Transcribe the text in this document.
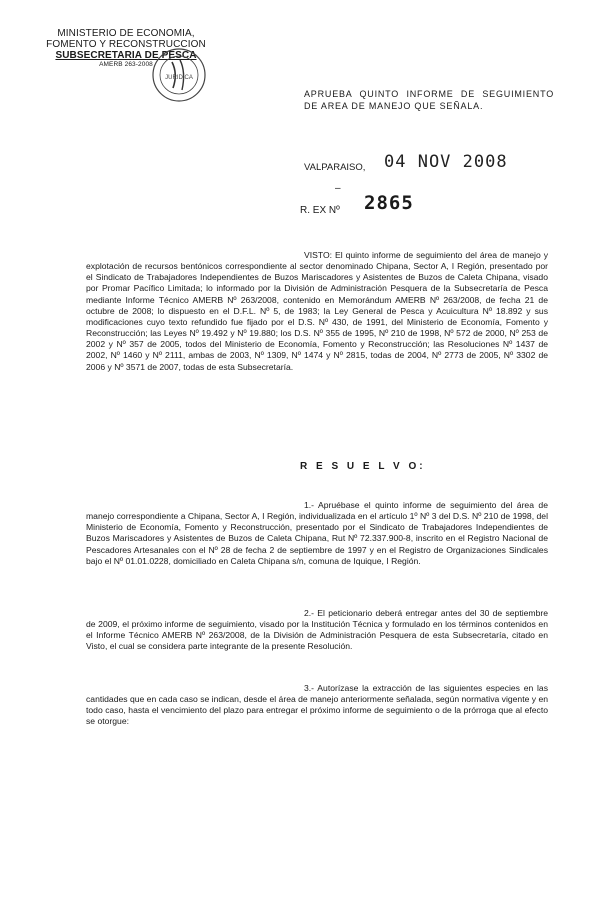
MINISTERIO DE ECONOMIA,
FOMENTO Y RECONSTRUCCION
SUBSECRETARIA DE PESCA
AMERB 263-2008
JURIDICA
APRUEBA QUINTO INFORME DE SEGUIMIENTO DE AREA DE MANEJO QUE SEÑALA.
VALPARAISO, 04 NOV 2008
–
R. EX Nº 2865

VISTO: El quinto informe de seguimiento del área de manejo y explotación de recursos bentónicos correspondiente al sector denominado Chipana, Sector A, I Región, presentado por el Sindicato de Trabajadores Independientes de Buzos Mariscadores y Asistentes de Buzos de Caleta Chipana, visado por Promar Pacífico Limitada; lo informado por la División de Administración Pesquera de la Subsecretaría de Pesca mediante Informe Técnico AMERB Nº 263/2008, contenido en Memorándum AMERB Nº 263/2008, de fecha 21 de octubre de 2008; lo dispuesto en el D.F.L. Nº 5, de 1983; la Ley General de Pesca y Acuicultura Nº 18.892 y sus modificaciones cuyo texto refundido fue fijado por el D.S. Nº 430, de 1991, del Ministerio de Economía, Fomento y Reconstrucción; las Leyes Nº 19.492 y Nº 19.880; los D.S. Nº 355 de 1995, Nº 210 de 1998, Nº 572 de 2000, Nº 253 de 2002 y Nº 357 de 2005, todos del Ministerio de Economía, Fomento y Reconstrucción; las Resoluciones Nº 1437 de 2002, Nº 1460 y Nº 2111, ambas de 2003, Nº 1309, Nº 1474 y Nº 2815, todas de 2004, Nº 2773 de 2005, Nº 3302 de 2006 y Nº 3571 de 2007, todas de esta Subsecretaría.

R E S U E L V O:

1.- Apruébase el quinto informe de seguimiento del área de manejo correspondiente a Chipana, Sector A, I Región, individualizada en el artículo 1º Nº 3 del D.S. Nº 210 de 1998, del Ministerio de Economía, Fomento y Reconstrucción, presentado por el Sindicato de Trabajadores Independientes de Buzos Mariscadores y Asistentes de Buzos de Caleta Chipana, Rut Nº 72.337.900-8, inscrito en el Registro Nacional de Pescadores Artesanales con el Nº 28 de fecha 2 de septiembre de 1997 y en el Registro de Organizaciones Sindicales bajo el Nº 01.01.0228, domiciliado en Caleta Chipana s/n, comuna de Iquique, I Región.

2.- El peticionario deberá entregar antes del 30 de septiembre de 2009, el próximo informe de seguimiento, visado por la Institución Técnica y formulado en los términos contenidos en el Informe Técnico AMERB Nº 263/2008, de la División de Administración Pesquera de esta Subsecretaría, citado en Visto, el cual se considera parte integrante de la presente Resolución.

3.- Autorízase la extracción de las siguientes especies en las cantidades que en cada caso se indican, desde el área de manejo anteriormente señalada, según normativa vigente y en todo caso, hasta el vencimiento del plazo para entregar el próximo informe de seguimiento o de la prórroga que al efecto se otorgue:
